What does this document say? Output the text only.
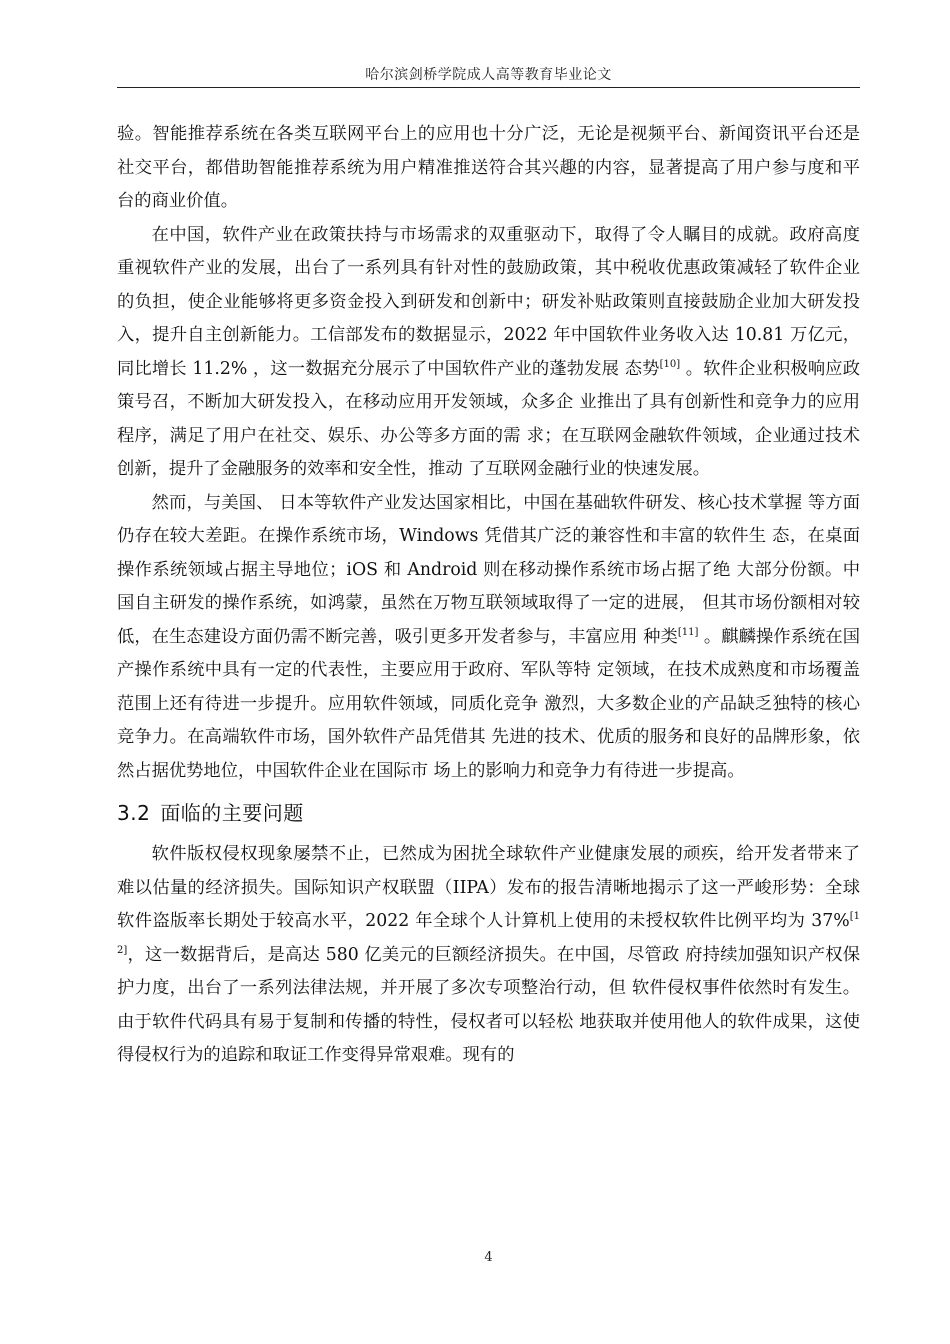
哈尔滨剑桥学院成人高等教育毕业论文

验。智能推荐系统在各类互联网平台上的应用也十分广泛，无论是视频平台、新闻资讯平台还是社交平台，都借助智能推荐系统为用户精准推送符合其兴趣的内容，显著提高了用户参与度和平台的商业价值。

在中国，软件产业在政策扶持与市场需求的双重驱动下，取得了令人瞩目的成就。政府高度重视软件产业的发展，出台了一系列具有针对性的鼓励政策，其中税收优惠政策减轻了软件企业的负担，使企业能够将更多资金投入到研发和创新中；研发补贴政策则直接鼓励企业加大研发投入，提升自主创新能力。工信部发布的数据显示，2022 年中国软件业务收入达 10.81 万亿元，同比增长 11.2% ，这一数据充分展示了中国软件产业的蓬勃发展 态势[10] 。软件企业积极响应政策号召，不断加大研发投入，在移动应用开发领域，众多企 业推出了具有创新性和竞争力的应用程序，满足了用户在社交、娱乐、办公等多方面的需 求；在互联网金融软件领域，企业通过技术创新，提升了金融服务的效率和安全性，推动 了互联网金融行业的快速发展。

然而，与美国、 日本等软件产业发达国家相比，中国在基础软件研发、核心技术掌握 等方面仍存在较大差距。在操作系统市场，Windows 凭借其广泛的兼容性和丰富的软件生 态，在桌面操作系统领域占据主导地位；iOS 和 Android 则在移动操作系统市场占据了绝 大部分份额。中国自主研发的操作系统，如鸿蒙，虽然在万物互联领域取得了一定的进展， 但其市场份额相对较低，在生态建设方面仍需不断完善，吸引更多开发者参与，丰富应用 种类[11] 。麒麟操作系统在国产操作系统中具有一定的代表性，主要应用于政府、军队等特 定领域，在技术成熟度和市场覆盖范围上还有待进一步提升。应用软件领域，同质化竞争 激烈，大多数企业的产品缺乏独特的核心竞争力。在高端软件市场，国外软件产品凭借其 先进的技术、优质的服务和良好的品牌形象，依然占据优势地位，中国软件企业在国际市 场上的影响力和竞争力有待进一步提高。

3.2 面临的主要问题

软件版权侵权现象屡禁不止，已然成为困扰全球软件产业健康发展的顽疾，给开发者带来了难以估量的经济损失。国际知识产权联盟（IIPA）发布的报告清晰地揭示了这一严峻形势：全球软件盗版率长期处于较高水平，2022 年全球个人计算机上使用的未授权软件比例平均为 37%[12]，这一数据背后，是高达 580 亿美元的巨额经济损失。在中国，尽管政 府持续加强知识产权保护力度，出台了一系列法律法规，并开展了多次专项整治行动，但 软件侵权事件依然时有发生。由于软件代码具有易于复制和传播的特性，侵权者可以轻松 地获取并使用他人的软件成果，这使得侵权行为的追踪和取证工作变得异常艰难。现有的

4
